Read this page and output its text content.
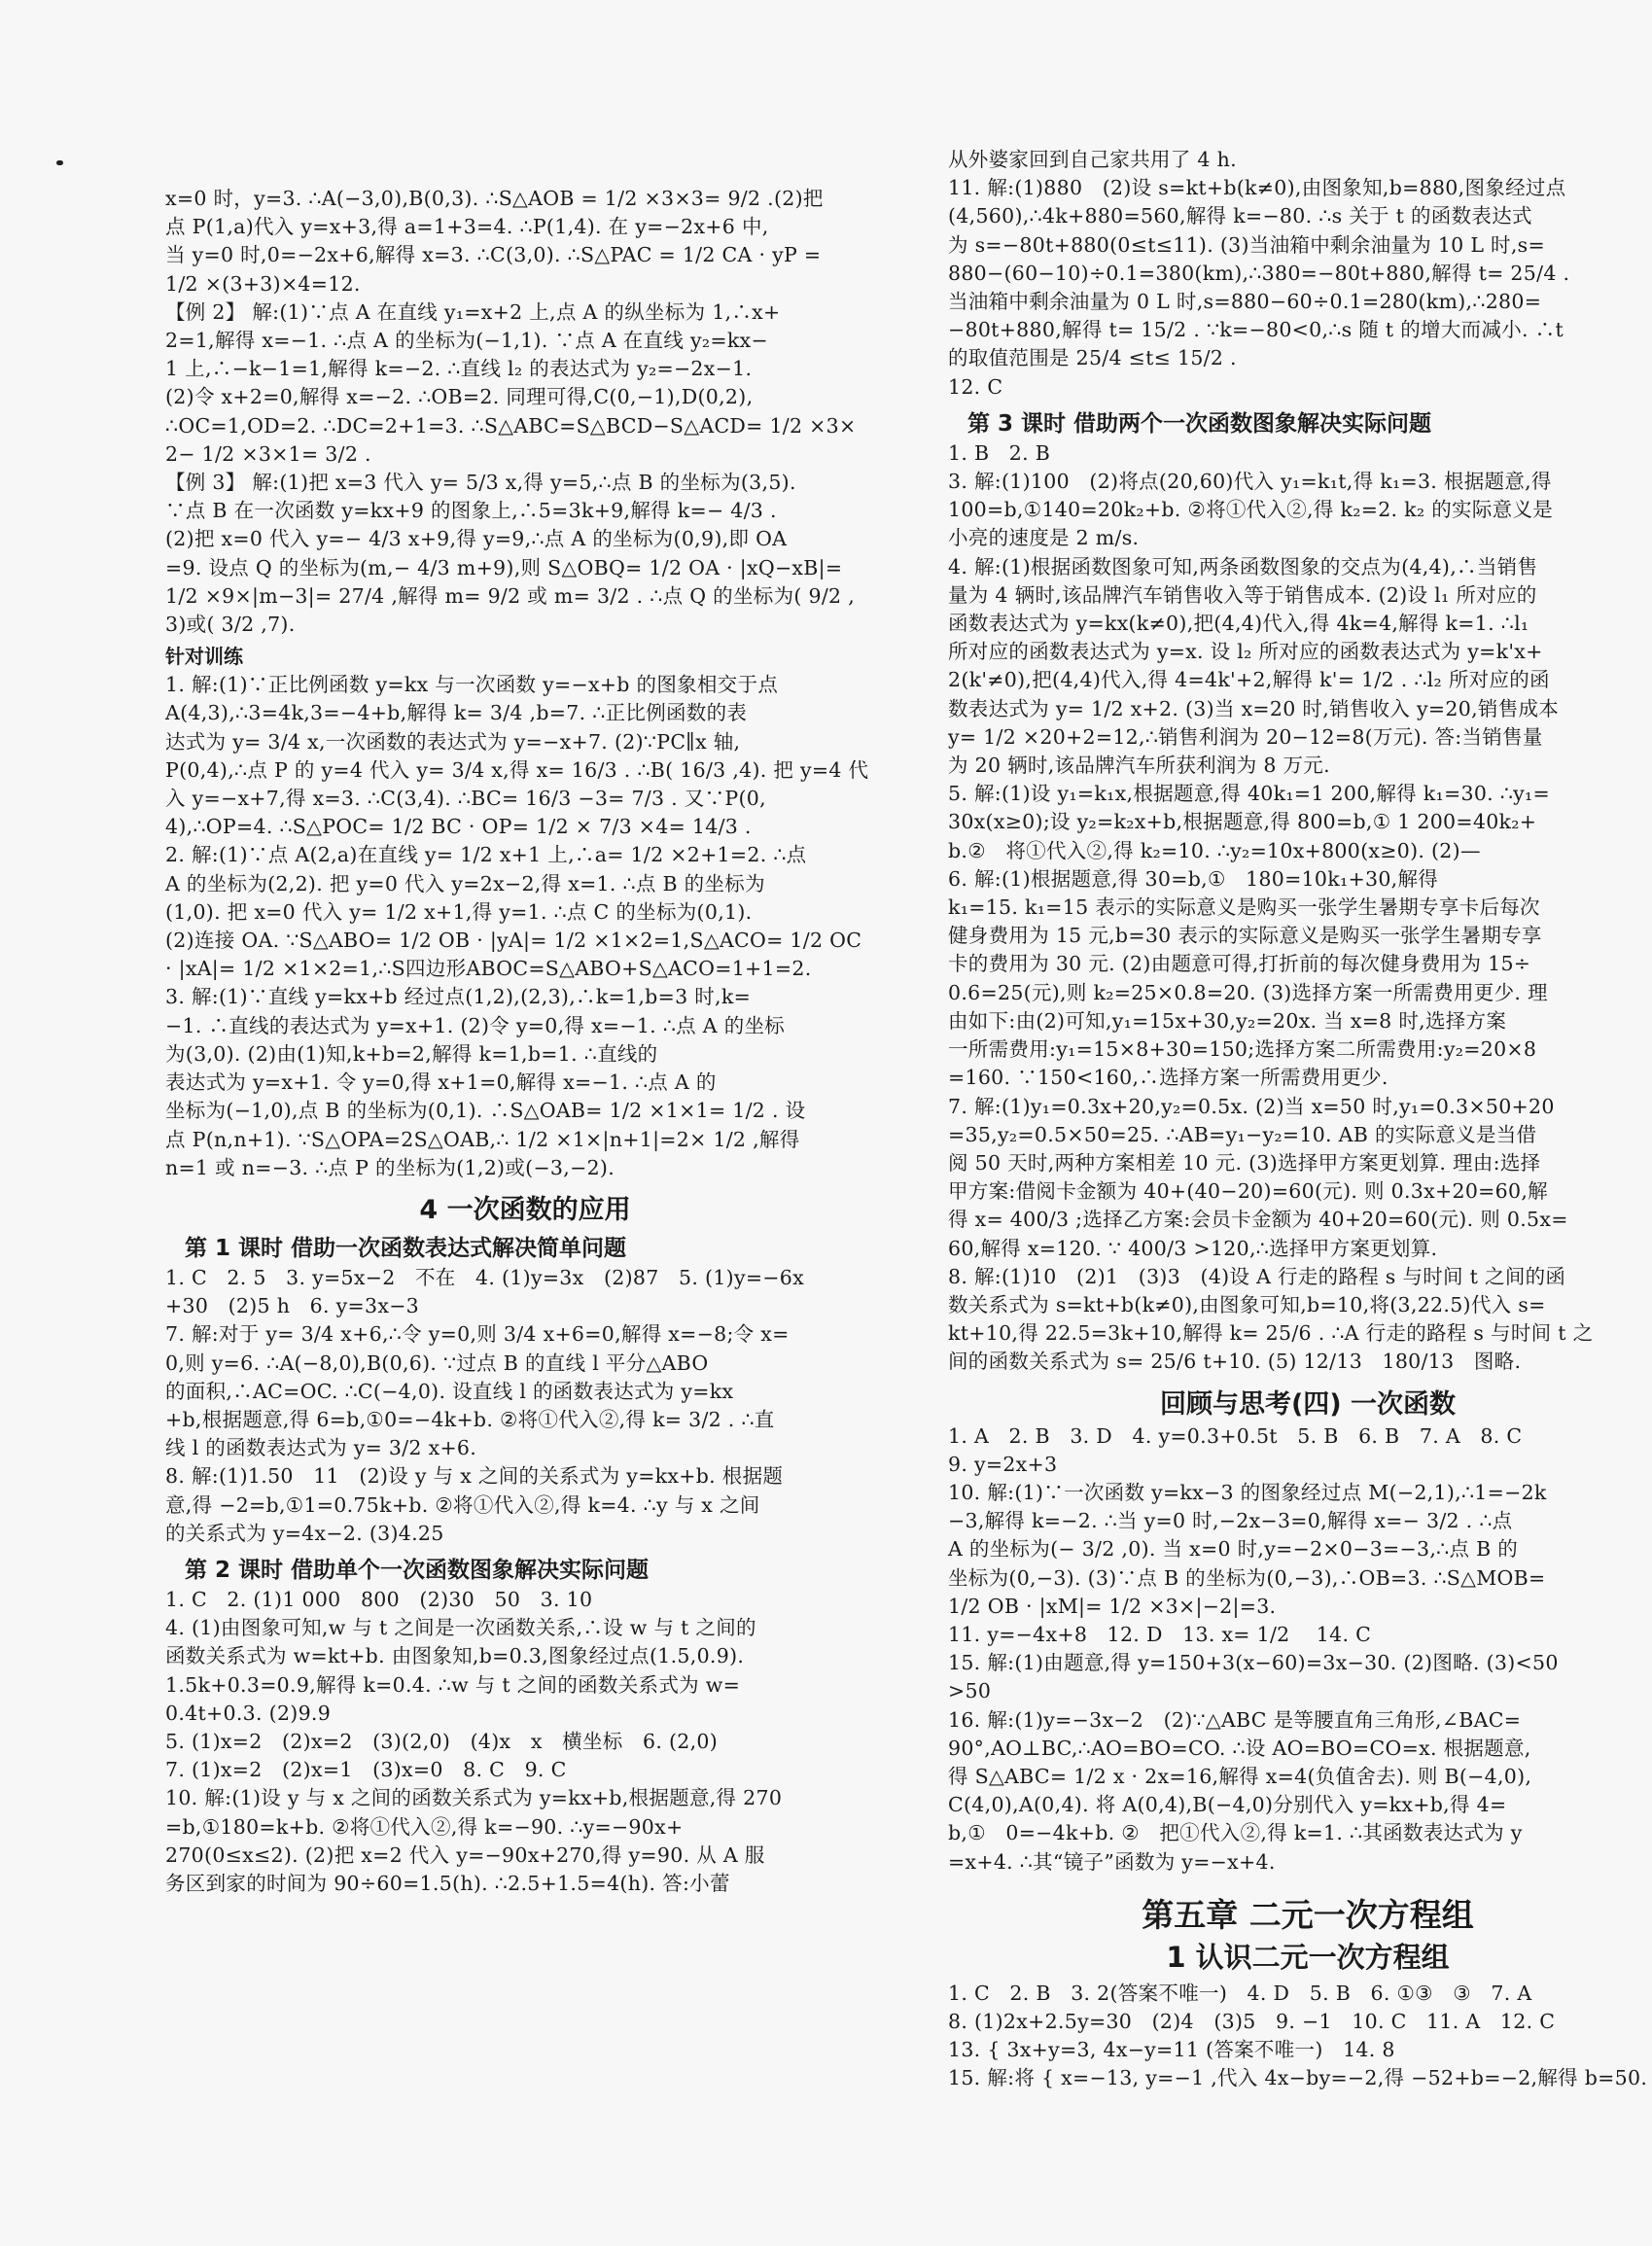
x=0 时，y=3. ∴A(−3,0),B(0,3). ∴S△AOB = 1/2 ×3×3= 9/2 .(2)把

点 P(1,a)代入 y=x+3,得 a=1+3=4. ∴P(1,4). 在 y=−2x+6 中,

当 y=0 时,0=−2x+6,解得 x=3. ∴C(3,0). ∴S△PAC = 1/2 CA · yP =

1/2 ×(3+3)×4=12.

【例 2】 解:(1)∵点 A 在直线 y₁=x+2 上,点 A 的纵坐标为 1,∴x+

2=1,解得 x=−1. ∴点 A 的坐标为(−1,1). ∵点 A 在直线 y₂=kx−

1 上,∴−k−1=1,解得 k=−2. ∴直线 l₂ 的表达式为 y₂=−2x−1.

(2)令 x+2=0,解得 x=−2. ∴OB=2. 同理可得,C(0,−1),D(0,2),

∴OC=1,OD=2. ∴DC=2+1=3. ∴S△ABC=S△BCD−S△ACD= 1/2 ×3×

2− 1/2 ×3×1= 3/2 .

【例 3】 解:(1)把 x=3 代入 y= 5/3 x,得 y=5,∴点 B 的坐标为(3,5).

∵点 B 在一次函数 y=kx+9 的图象上,∴5=3k+9,解得 k=− 4/3 .

(2)把 x=0 代入 y=− 4/3 x+9,得 y=9,∴点 A 的坐标为(0,9),即 OA

=9. 设点 Q 的坐标为(m,− 4/3 m+9),则 S△OBQ= 1/2 OA · |xQ−xB|=

1/2 ×9×|m−3|= 27/4 ,解得 m= 9/2 或 m= 3/2 . ∴点 Q 的坐标为( 9/2 ,

3)或( 3/2 ,7).

针对训练

1. 解:(1)∵正比例函数 y=kx 与一次函数 y=−x+b 的图象相交于点

A(4,3),∴3=4k,3=−4+b,解得 k= 3/4 ,b=7. ∴正比例函数的表

达式为 y= 3/4 x,一次函数的表达式为 y=−x+7. (2)∵PC∥x 轴,

P(0,4),∴点 P 的 y=4 代入 y= 3/4 x,得 x= 16/3 . ∴B( 16/3 ,4). 把 y=4 代

入 y=−x+7,得 x=3. ∴C(3,4). ∴BC= 16/3 −3= 7/3 . 又∵P(0,

4),∴OP=4. ∴S△POC= 1/2 BC · OP= 1/2 × 7/3 ×4= 14/3 .

2. 解:(1)∵点 A(2,a)在直线 y= 1/2 x+1 上,∴a= 1/2 ×2+1=2. ∴点

A 的坐标为(2,2). 把 y=0 代入 y=2x−2,得 x=1. ∴点 B 的坐标为

(1,0). 把 x=0 代入 y= 1/2 x+1,得 y=1. ∴点 C 的坐标为(0,1).

(2)连接 OA. ∵S△ABO= 1/2 OB · |yA|= 1/2 ×1×2=1,S△ACO= 1/2 OC

· |xA|= 1/2 ×1×2=1,∴S四边形ABOC=S△ABO+S△ACO=1+1=2.

3. 解:(1)∵直线 y=kx+b 经过点(1,2),(2,3),∴k=1,b=3 时,k=

−1. ∴直线的表达式为 y=x+1. (2)令 y=0,得 x=−1. ∴点 A 的坐标

为(3,0). (2)由(1)知,k+b=2,解得 k=1,b=1. ∴直线的

表达式为 y=x+1. 令 y=0,得 x+1=0,解得 x=−1. ∴点 A 的

坐标为(−1,0),点 B 的坐标为(0,1). ∴S△OAB= 1/2 ×1×1= 1/2 . 设

点 P(n,n+1). ∵S△OPA=2S△OAB,∴ 1/2 ×1×|n+1|=2× 1/2 ,解得

n=1 或 n=−3. ∴点 P 的坐标为(1,2)或(−3,−2).

4 一次函数的应用
第 1 课时 借助一次函数表达式解决简单问题

1. C   2. 5   3. y=5x−2   不在   4. (1)y=3x   (2)87   5. (1)y=−6x

+30   (2)5 h   6. y=3x−3

7. 解:对于 y= 3/4 x+6,∴令 y=0,则 3/4 x+6=0,解得 x=−8;令 x=

0,则 y=6. ∴A(−8,0),B(0,6). ∵过点 B 的直线 l 平分△ABO

的面积,∴AC=OC. ∴C(−4,0). 设直线 l 的函数表达式为 y=kx

+b,根据题意,得 6=b,①0=−4k+b. ②将①代入②,得 k= 3/2 . ∴直

线 l 的函数表达式为 y= 3/2 x+6.

8. 解:(1)1.50   11   (2)设 y 与 x 之间的关系式为 y=kx+b. 根据题

意,得 −2=b,①1=0.75k+b. ②将①代入②,得 k=4. ∴y 与 x 之间

的关系式为 y=4x−2. (3)4.25

第 2 课时 借助单个一次函数图象解决实际问题

1. C   2. (1)1 000   800   (2)30   50   3. 10

4. (1)由图象可知,w 与 t 之间是一次函数关系,∴设 w 与 t 之间的

函数关系式为 w=kt+b. 由图象知,b=0.3,图象经过点(1.5,0.9).

1.5k+0.3=0.9,解得 k=0.4. ∴w 与 t 之间的函数关系式为 w=

0.4t+0.3. (2)9.9

5. (1)x=2   (2)x=2   (3)(2,0)   (4)x   x   横坐标   6. (2,0)

7. (1)x=2   (2)x=1   (3)x=0   8. C   9. C

10. 解:(1)设 y 与 x 之间的函数关系式为 y=kx+b,根据题意,得 270

=b,①180=k+b. ②将①代入②,得 k=−90. ∴y=−90x+

270(0≤x≤2). (2)把 x=2 代入 y=−90x+270,得 y=90. 从 A 服

务区到家的时间为 90÷60=1.5(h). ∴2.5+1.5=4(h). 答:小蕾

从外婆家回到自己家共用了 4 h.

11. 解:(1)880   (2)设 s=kt+b(k≠0),由图象知,b=880,图象经过点

(4,560),∴4k+880=560,解得 k=−80. ∴s 关于 t 的函数表达式

为 s=−80t+880(0≤t≤11). (3)当油箱中剩余油量为 10 L 时,s=

880−(60−10)÷0.1=380(km),∴380=−80t+880,解得 t= 25/4 .

当油箱中剩余油量为 0 L 时,s=880−60÷0.1=280(km),∴280=

−80t+880,解得 t= 15/2 . ∵k=−80<0,∴s 随 t 的增大而减小. ∴t

的取值范围是 25/4 ≤t≤ 15/2 .

12. C

第 3 课时 借助两个一次函数图象解决实际问题

1. B   2. B

3. 解:(1)100   (2)将点(20,60)代入 y₁=k₁t,得 k₁=3. 根据题意,得

100=b,①140=20k₂+b. ②将①代入②,得 k₂=2. k₂ 的实际意义是

小亮的速度是 2 m/s.

4. 解:(1)根据函数图象可知,两条函数图象的交点为(4,4),∴当销售

量为 4 辆时,该品牌汽车销售收入等于销售成本. (2)设 l₁ 所对应的

函数表达式为 y=kx(k≠0),把(4,4)代入,得 4k=4,解得 k=1. ∴l₁

所对应的函数表达式为 y=x. 设 l₂ 所对应的函数表达式为 y=k'x+

2(k'≠0),把(4,4)代入,得 4=4k'+2,解得 k'= 1/2 . ∴l₂ 所对应的函

数表达式为 y= 1/2 x+2. (3)当 x=20 时,销售收入 y=20,销售成本

y= 1/2 ×20+2=12,∴销售利润为 20−12=8(万元). 答:当销售量

为 20 辆时,该品牌汽车所获利润为 8 万元.

5. 解:(1)设 y₁=k₁x,根据题意,得 40k₁=1 200,解得 k₁=30. ∴y₁=

30x(x≥0);设 y₂=k₂x+b,根据题意,得 800=b,① 1 200=40k₂+

b.②   将①代入②,得 k₂=10. ∴y₂=10x+800(x≥0). (2)—

6. 解:(1)根据题意,得 30=b,①   180=10k₁+30,解得

k₁=15. k₁=15 表示的实际意义是购买一张学生暑期专享卡后每次

健身费用为 15 元,b=30 表示的实际意义是购买一张学生暑期专享

卡的费用为 30 元. (2)由题意可得,打折前的每次健身费用为 15÷

0.6=25(元),则 k₂=25×0.8=20. (3)选择方案一所需费用更少. 理

由如下:由(2)可知,y₁=15x+30,y₂=20x. 当 x=8 时,选择方案

一所需费用:y₁=15×8+30=150;选择方案二所需费用:y₂=20×8

=160. ∵150<160,∴选择方案一所需费用更少.

7. 解:(1)y₁=0.3x+20,y₂=0.5x. (2)当 x=50 时,y₁=0.3×50+20

=35,y₂=0.5×50=25. ∴AB=y₁−y₂=10. AB 的实际意义是当借

阅 50 天时,两种方案相差 10 元. (3)选择甲方案更划算. 理由:选择

甲方案:借阅卡金额为 40+(40−20)=60(元). 则 0.3x+20=60,解

得 x= 400/3 ;选择乙方案:会员卡金额为 40+20=60(元). 则 0.5x=

60,解得 x=120. ∵ 400/3 >120,∴选择甲方案更划算.

8. 解:(1)10   (2)1   (3)3   (4)设 A 行走的路程 s 与时间 t 之间的函

数关系式为 s=kt+b(k≠0),由图象可知,b=10,将(3,22.5)代入 s=

kt+10,得 22.5=3k+10,解得 k= 25/6 . ∴A 行走的路程 s 与时间 t 之

间的函数关系式为 s= 25/6 t+10. (5) 12/13   180/13   图略.

回顾与思考(四) 一次函数

1. A   2. B   3. D   4. y=0.3+0.5t   5. B   6. B   7. A   8. C

9. y=2x+3

10. 解:(1)∵一次函数 y=kx−3 的图象经过点 M(−2,1),∴1=−2k

−3,解得 k=−2. ∴当 y=0 时,−2x−3=0,解得 x=− 3/2 . ∴点

A 的坐标为(− 3/2 ,0). 当 x=0 时,y=−2×0−3=−3,∴点 B 的

坐标为(0,−3). (3)∵点 B 的坐标为(0,−3),∴OB=3. ∴S△MOB=

1/2 OB · |xM|= 1/2 ×3×|−2|=3.

11. y=−4x+8   12. D   13. x= 1/2    14. C

15. 解:(1)由题意,得 y=150+3(x−60)=3x−30. (2)图略. (3)<50

>50

16. 解:(1)y=−3x−2   (2)∵△ABC 是等腰直角三角形,∠BAC=

90°,AO⊥BC,∴AO=BO=CO. ∴设 AO=BO=CO=x. 根据题意,

得 S△ABC= 1/2 x · 2x=16,解得 x=4(负值舍去). 则 B(−4,0),

C(4,0),A(0,4). 将 A(0,4),B(−4,0)分别代入 y=kx+b,得 4=

b,①   0=−4k+b. ②   把①代入②,得 k=1. ∴其函数表达式为 y

=x+4. ∴其“镜子”函数为 y=−x+4.

第五章 二元一次方程组
1 认识二元一次方程组

1. C   2. B   3. 2(答案不唯一)   4. D   5. B   6. ①③   ③   7. A

8. (1)2x+2.5y=30   (2)4   (3)5   9. −1   10. C   11. A   12. C

13. { 3x+y=3, 4x−y=11 (答案不唯一)   14. 8

15. 解:将 { x=−13, y=−1 ,代入 4x−by=−2,得 −52+b=−2,解得 b=50.
